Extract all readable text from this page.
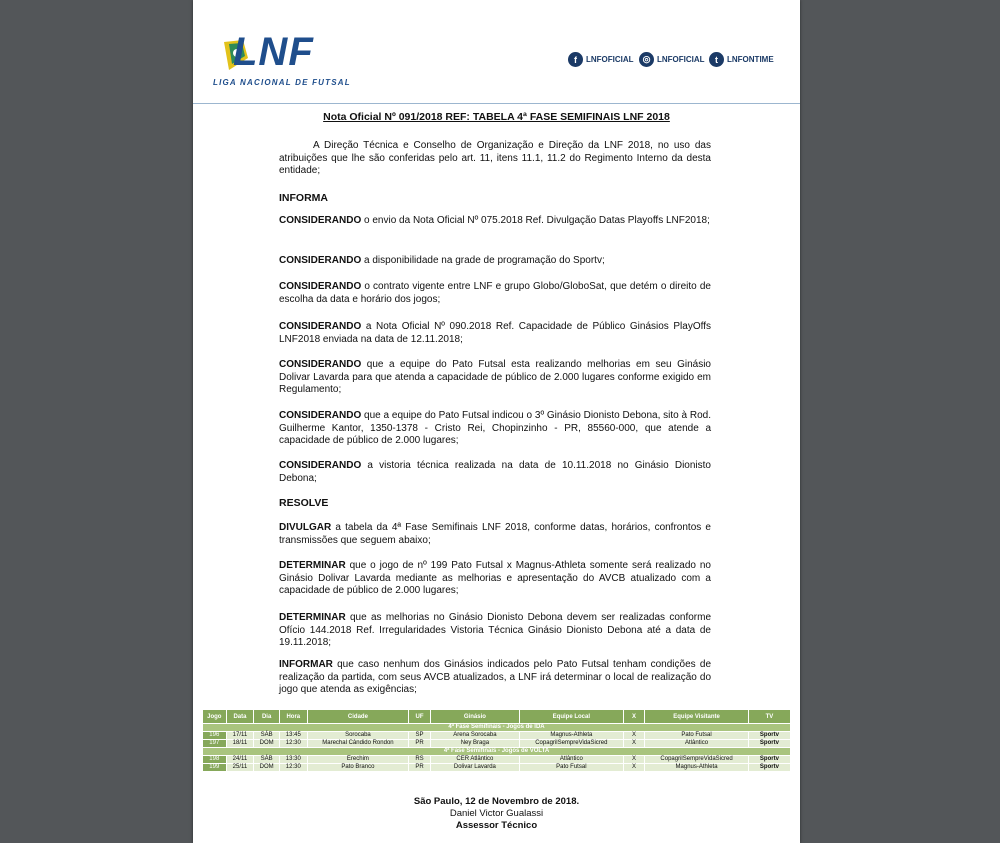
LNF
LIGA NACIONAL DE FUTSAL
f	LNFOFICIAL	◎ LNFOFICIAL	t	LNFONTIME
Nota Oficial Nº 091/2018 REF: TABELA 4ª FASE SEMIFINAIS LNF 2018
A Direção Técnica e Conselho de Organização e Direção da LNF 2018, no uso das atribuições que lhe são conferidas pelo art. 11, itens 11.1, 11.2 do Regimento Interno da desta entidade;
INFORMA
CONSIDERANDO o envio da Nota Oficial Nº 075.2018 Ref. Divulgação Datas Playoffs LNF2018;
CONSIDERANDO a disponibilidade na grade de programação do Sportv;
CONSIDERANDO o contrato vigente entre LNF e grupo Globo/GloboSat, que detém o direito de escolha da data e horário dos jogos;
CONSIDERANDO a Nota Oficial Nº 090.2018 Ref. Capacidade de Público Ginásios PlayOffs LNF2018 enviada na data de 12.11.2018;
CONSIDERANDO que a equipe do Pato Futsal esta realizando melhorias em seu Ginásio Dolivar Lavarda para que atenda a capacidade de público de 2.000 lugares conforme exigido em Regulamento;
CONSIDERANDO que a equipe do Pato Futsal indicou o 3º Ginásio Dionisto Debona, sito à Rod. Guilherme Kantor, 1350-1378 - Cristo Rei, Chopinzinho - PR, 85560-000, que atende a capacidade de público de 2.000 lugares;
CONSIDERANDO a vistoria técnica realizada na data de 10.11.2018 no Ginásio Dionisto Debona;
RESOLVE
DIVULGAR a tabela da 4ª Fase Semifinais LNF 2018, conforme datas, horários, confrontos e transmissões que seguem abaixo;
DETERMINAR que o jogo de nº 199 Pato Futsal x Magnus-Athleta somente será realizado no Ginásio Dolivar Lavarda mediante as melhorias e apresentação do AVCB atualizado com a capacidade de público de 2.000 lugares;
DETERMINAR que as melhorias no Ginásio Dionisto Debona devem ser realizadas conforme Ofício 144.2018 Ref. Irregularidades Vistoria Técnica Ginásio Dionisto Debona até a data de 19.11.2018;
INFORMAR que caso nenhum dos Ginásios indicados pelo Pato Futsal tenham condições de realização da partida, com seus AVCB atualizados, a LNF irá determinar o local de realização do jogo que atenda as exigências;
Jogo	Data	Dia	Hora	Cidade	UF	Ginásio	Equipe Local	X	Equipe Visitante	TV
4ª Fase Semifinais - Jogos de IDA										
196	17/11	SÁB	13:45	Sorocaba	SP	Arena Sorocaba	Magnus-Athleta	X	Pato Futsal	Sportv
197	18/11	DOM	12:30	Marechal Cândido Rondon	PR	Ney Braga	CopagrilSempreVidaSicred	X	Atlântico	Sportv
4ª Fase Semifinais - Jogos de VOLTA										
198	24/11	SÁB	13:30	Erechim	RS	CER Atlântico	Atlântico	X	CopagrilSempreVidaSicred	Sportv
199	25/11	DOM	12:30	Pato Branco	PR	Dolivar Lavarda	Pato Futsal	X	Magnus-Athleta	Sportv
São Paulo, 12 de Novembro de 2018.
Daniel Victor Gualassi
Assessor Técnico
